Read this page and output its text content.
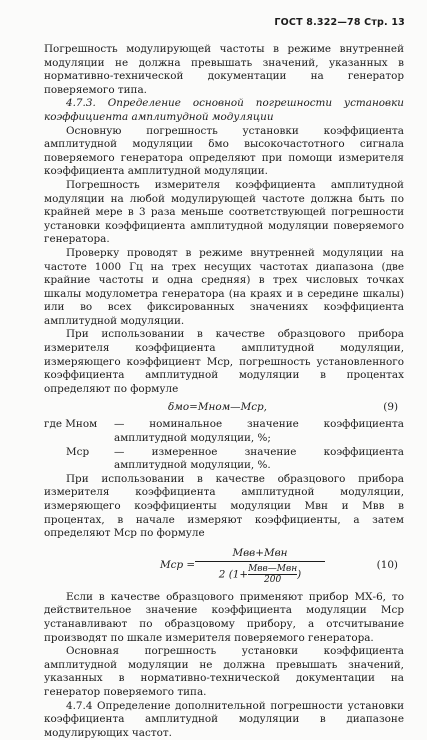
ГОСТ 8.322—78 Стр. 13

Погрешность модулирующей частоты в режиме внутренней модуляции не должна превышать значений, указанных в нормативно-технической документации на генератор поверяемого типа.

4.7.3. Определение основной погрешности установки коэффициента амплитудной модуляции

Основную погрешность установки коэффициента амплитудной модуляции δмо высокочастотного сигнала поверяемого генератора определяют при помощи измерителя коэффициента амплитудной модуляции.

Погрешность измерителя коэффициента амплитудной модуляции на любой модулирующей частоте должна быть по крайней мере в 3 раза меньше соответствующей погрешности установки коэффициента амплитудной модуляции поверяемого генератора.

Проверку проводят в режиме внутренней модуляции на частоте 1000 Гц на трех несущих частотах диапазона (две крайние частоты и одна средняя) в трех числовых точках шкалы модулометра генератора (на краях и в середине шкалы) или во всех фиксированных значениях коэффициента амплитудной модуляции.

При использовании в качестве образцового прибора измерителя коэффициента амплитудной модуляции, измеряющего коэффициент Mср, погрешность установленного коэффициента амплитудной модуляции в процентах определяют по формуле

δмо=Mном—Mср,	(9)

где Mном — номинальное значение коэффициента амплитудной модуляции, %;

Mср — измеренное значение коэффициента амплитудной модуляции, %.

При использовании в качестве образцового прибора измерителя коэффициента амплитудной модуляции, измеряющего коэффициенты модуляции Mвн и Mвв в процентах, в начале измеряют коэффициенты, а затем определяют Mср по формуле

Mср =
Mвв+Mвн
2 ($1+ \frac{\text{Mвв—Mвн}}{200}$ )
(10)

Если в качестве образцового применяют прибор МХ-6, то действительное значение коэффициента модуляции Mср устанавливают по образцовому прибору, а отсчитывание производят по шкале измерителя поверяемого генератора.

Основная погрешность установки коэффициента амплитудной модуляции не должна превышать значений, указанных в нормативно-технической документации на генератор поверяемого типа.

4.7.4 Определение дополнительной погрешности установки коэффициента амплитудной модуляции в диапазоне модулирующих частот.
